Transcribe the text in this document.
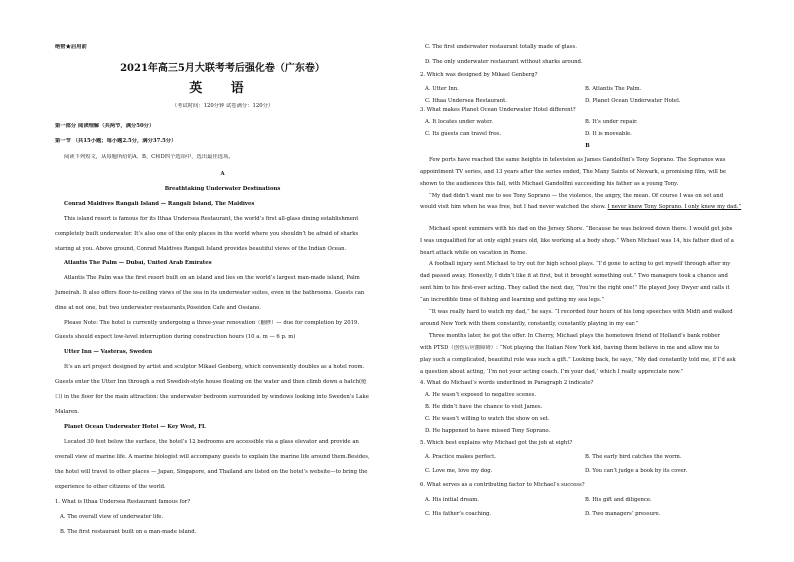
绝密★启用前
2021年高三5月大联考考后强化卷（广东卷）
英 语
（考试时间：120分钟 试卷满分：120分）
第一部分 阅读理解（共两节，满分50分）
第一节 （共15小题；每小题2.5分，满分37.5分）
阅读下列短文，从每题所给的A、B、C和D四个选项中，选出最佳选项。
A
Breathtaking Underwater Destinations
Conrad Maldives Rangali Island — Rangali Island, The Maldives
This island resort is famous for its Ithaa Undersea Restaurant, the world’s first all-glass dining establishment
completely built underwater. It’s also one of the only places in the world where you shouldn’t be afraid of sharks
staring at you. Above ground, Conrad Maldives Rangali Island provides beautiful views of the Indian Ocean.
Atlantis The Palm — Dubai, United Arab Emirates
Atlantis The Palm was the first resort built on an island and lies on the world’s largest man-made island, Palm
Jumeirah. It also offers floor-to-ceiling views of the sea in its underwater suites, even in the bathrooms. Guests can
dine at not one, but two underwater restaurants,Poseidon Cafe and Ossiano.
Please Note: The hotel is currently undergoing a three-year renovation（翻修）— due for completion by 2019.
Guests should expect low-level interruption during construction hours (10 a. m — 6 p. m)
Utter Inn — Vasteras, Sweden
It’s an art project designed by artist and sculptor Mikael Genberg, which conveniently doubles as a hotel room.
Guests enter the Utter Inn through a red Swedish-style house floating on the water and then climb down a hatch(舱
口) in the floor for the main attraction: the underwater bedroom surrounded by windows looking into Sweden’s Lake
Malaren.
Planet Ocean Underwater Hotel — Key West, FL
Located 30 feet below the surface, the hotel’s 12 bedrooms are accessible via a glass elevator and provide an
overall view of marine life. A marine biologist will accompany guests to explain the marine life around them.Besides,
the hotel will travel to other places — Japan, Singapore, and Thailand are listed on the hotel’s website—to bring the
experience to other citizens of the world.
1. What is Ithaa Undersea Restaurant famous for?
A. The overall view of underwater life.
B. The first restaurant built on a man-made island.
C. The first underwater restaurant totally made of glass.
D. The only underwater restaurant without sharks around.
2. Which was designed by Mikael Genberg?
A. Utter Inn.	B. Atlantis The Palm.
C. Ithaa Undersea Restaurant.	D. Planet Ocean Underwater Hotel.
3. What makes Planet Ocean Underwater Hotel different?
A. It locates under water.	B. It’s under repair.
C. Its guests can travel free.	D. It is moveable.
B
Few ports have reached the same heights in television as James Gandolfini’s Tony Soprano. The Sopranos was
appointment TV series, and 13 years after the series ended, The Many Saints of Newark, a promising film, will be
shown to the audiences this fall, with Michael Gandolfini succeeding his father as a young Tony.
“My dad didn’t want me to see Tony Soprano — the violence, the angry, the mean. Of course I was on set and
would visit him when he was free, but I had never watched the show. I never knew Tony Soprano. I only knew my dad.”
Michael spent summers with his dad on the Jersey Shore. “Because he was beloved down there. I would get jobs
I was unqualified for at only eight years old, like working at a body shop.” When Michael was 14, his father died of a
heart attack while on vacation in Rome.
A football injury sent Michael to try out for high school plays. “I’d gone to acting to get myself through after my
dad passed away. Honestly, I didn’t like it at first, but it brought something out.” Two managers took a chance and
sent him to his first-ever acting. They called the next day, “You’re the right one!” He played Joey Dwyer and calls it
“an incredible time of fishing and learning and getting my sea legs.”
“It was really hard to watch my dad,” he says. “I recorded four hours of his long speeches with Midfi and walked
around New York with them constantly, constantly, constantly playing in my ear.”
Three months later, he got the offer. In Cherry, Michael plays the hometown friend of Holland’s bank robber
with PTSD（创伤后应激障碍）: “Not playing the Italian New York kid, having them believe in me and allow me to
play such a complicated, beautiful role was such a gift.” Looking back, he says, “My dad constantly told me, if I’d ask
a question about acting, ‘I’m not your acting coach. I’m your dad,’ which I really appreciate now.”
4. What do Michael’s words underlined in Paragraph 2 indicate?
A. He wasn’t exposed to negative scenes.
B. He didn’t have the chance to visit James.
C. He wasn’t willing to watch the show on set.
D. He happened to have missed Tony Soprano.
5. Which best explains why Michael got the job at eight?
A. Practice makes perfect.	B. The early bird catches the worm.
C. Love me, love my dog.	D. You can’t judge a book by its cover.
6. What serves as a contributing factor to Michael’s success?
A. His initial dream.	B. His gift and diligence.
C. His father’s coaching.	D. Two managers’ pressure.
